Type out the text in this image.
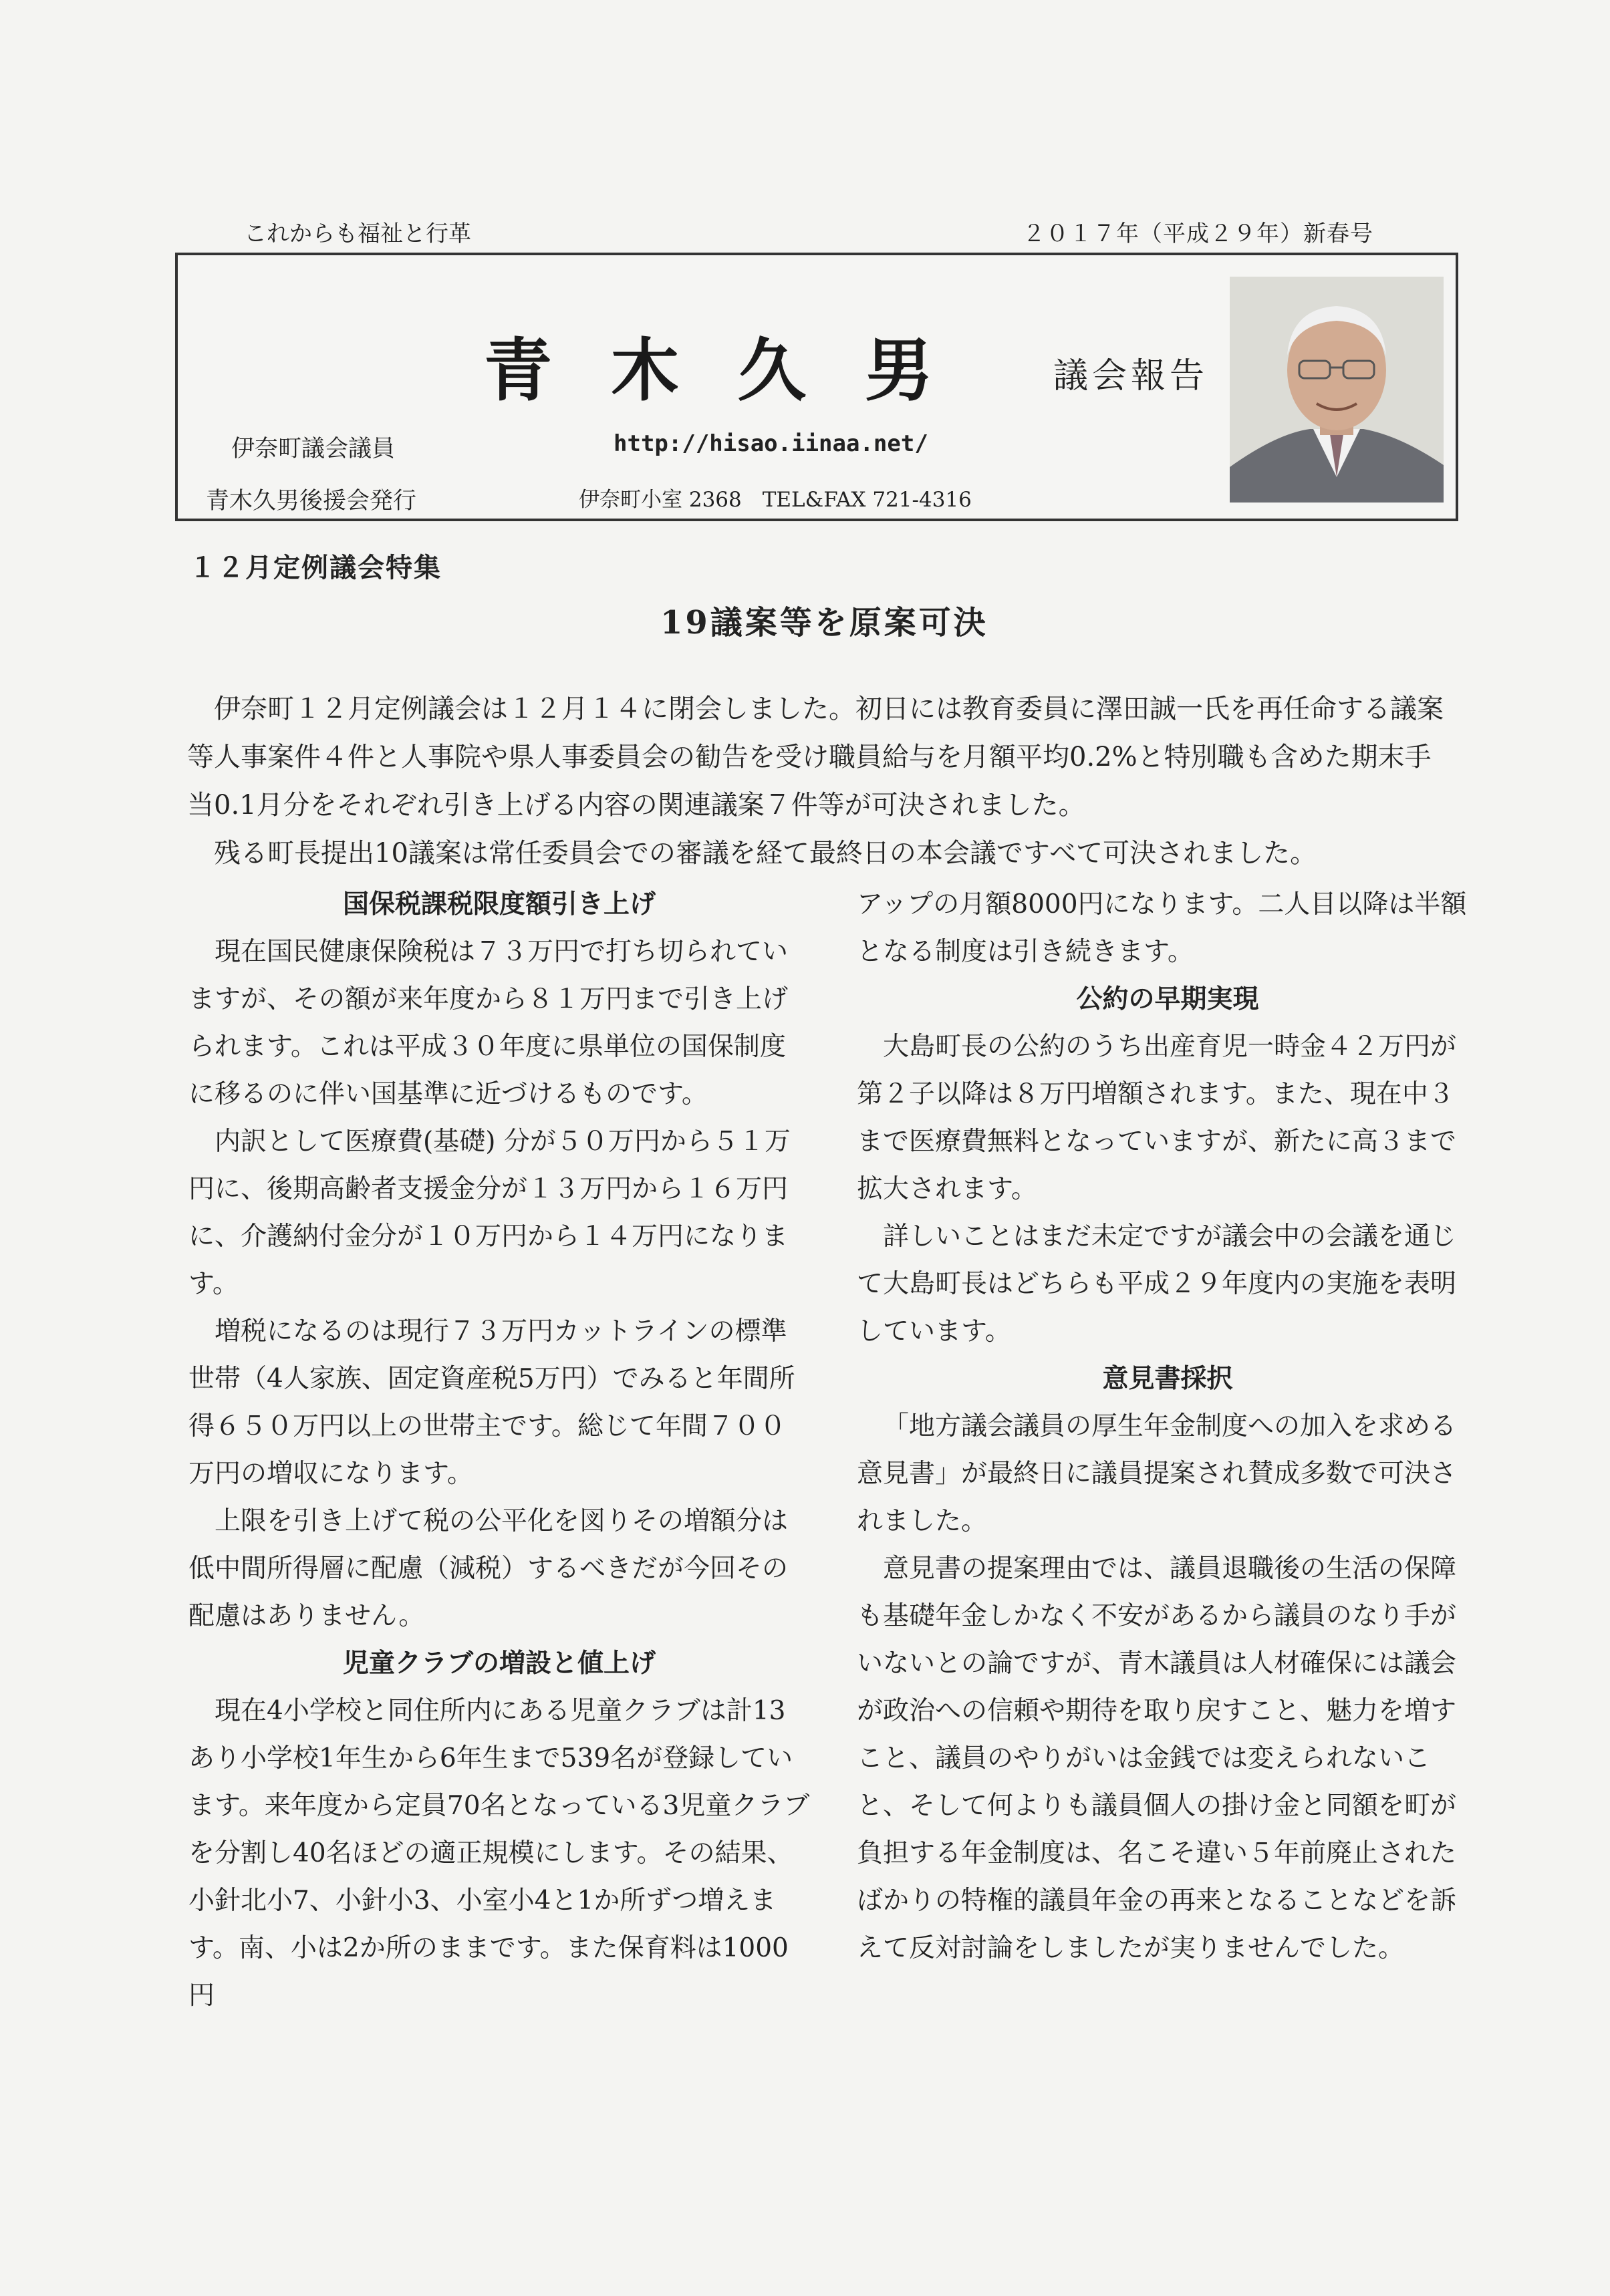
これからも福祉と行革	２０１７年（平成２９年）新春号
青木久男 議会報告
伊奈町議会議員	http://hisao.iinaa.net/
青木久男後援会発行	伊奈町小室 2368　TEL&FAX 721-4316
１２月定例議会特集
19議案等を原案可決

伊奈町１２月定例議会は１２月１４に閉会しました。初日には教育委員に澤田誠一氏を再任命する議案等人事案件４件と人事院や県人事委員会の勧告を受け職員給与を月額平均0.2%と特別職も含めた期末手当0.1月分をそれぞれ引き上げる内容の関連議案７件等が可決されました。

残る町長提出10議案は常任委員会での審議を経て最終日の本会議ですべて可決されました。

国保税課税限度額引き上げ

現在国民健康保険税は７３万円で打ち切られていますが、その額が来年度から８１万円まで引き上げられます。これは平成３０年度に県単位の国保制度に移るのに伴い国基準に近づけるものです。

内訳として医療費(基礎) 分が５０万円から５１万円に、後期高齢者支援金分が１３万円から１６万円に、介護納付金分が１０万円から１４万円になります。

増税になるのは現行７３万円カットラインの標準世帯（4人家族、固定資産税5万円）でみると年間所得６５０万円以上の世帯主です。総じて年間７００万円の増収になります。

上限を引き上げて税の公平化を図りその増額分は低中間所得層に配慮（減税）するべきだが今回その配慮はありません。

児童クラブの増設と値上げ

現在4小学校と同住所内にある児童クラブは計13あり小学校1年生から6年生まで539名が登録しています。来年度から定員70名となっている3児童クラブを分割し40名ほどの適正規模にします。その結果、小針北小7、小針小3、小室小4と1か所ずつ増えます。南、小は2か所のままです。また保育料は1000円

アップの月額8000円になります。二人目以降は半額となる制度は引き続きます。

公約の早期実現

大島町長の公約のうち出産育児一時金４２万円が第２子以降は８万円増額されます。また、現在中３まで医療費無料となっていますが、新たに高３まで拡大されます。

詳しいことはまだ未定ですが議会中の会議を通じて大島町長はどちらも平成２９年度内の実施を表明しています。

意見書採択

「地方議会議員の厚生年金制度への加入を求める意見書」が最終日に議員提案され賛成多数で可決されました。

意見書の提案理由では、議員退職後の生活の保障も基礎年金しかなく不安があるから議員のなり手がいないとの論ですが、青木議員は人材確保には議会が政治への信頼や期待を取り戻すこと、魅力を増すこと、議員のやりがいは金銭では変えられないこと、そして何よりも議員個人の掛け金と同額を町が負担する年金制度は、名こそ違い５年前廃止されたばかりの特権的議員年金の再来となることなどを訴えて反対討論をしましたが実りませんでした。
